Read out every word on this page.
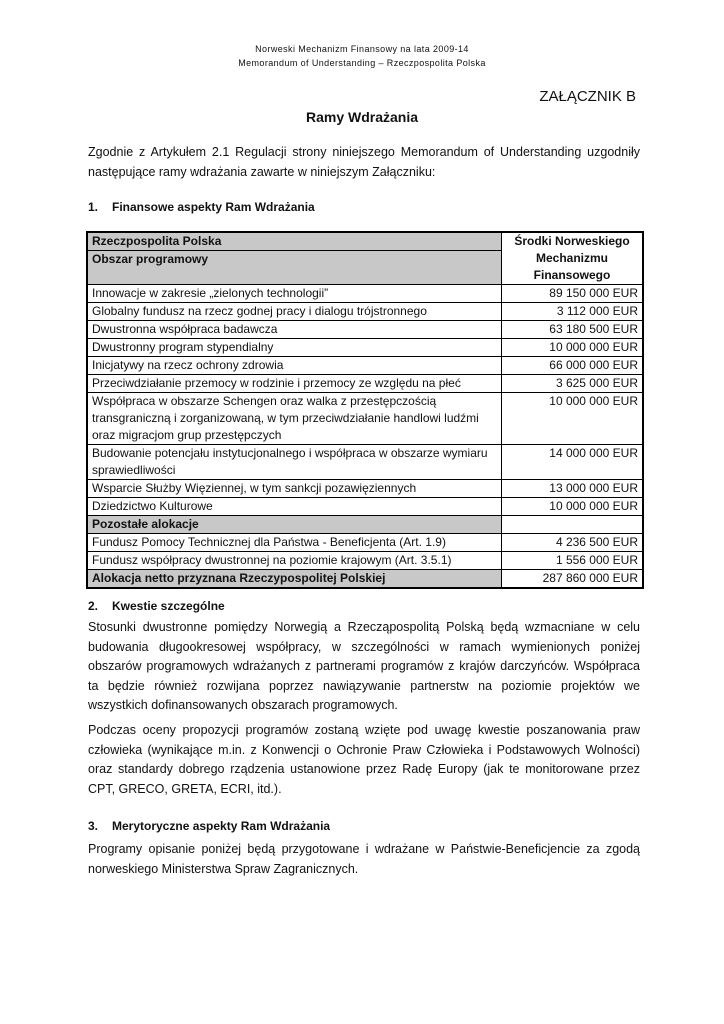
Norweski Mechanizm Finansowy na lata 2009-14
Memorandum of Understanding – Rzeczpospolita Polska
ZAŁĄCZNIK B
Ramy Wdrażania
Zgodnie z Artykułem 2.1 Regulacji strony niniejszego Memorandum of Understanding uzgodniły następujące ramy wdrażania zawarte w niniejszym Załączniku:
1. Finansowe aspekty Ram Wdrażania
Rzeczpospolita Polska	Środki Norweskiego Mechanizmu Finansowego
Obszar programowy	
Innowacje w zakresie „zielonych technologii”	89 150 000 EUR
Globalny fundusz na rzecz godnej pracy i dialogu trójstronnego	3 112 000 EUR
Dwustronna współpraca badawcza	63 180 500 EUR
Dwustronny program stypendialny	10 000 000 EUR
Inicjatywy na rzecz ochrony zdrowia	66 000 000 EUR
Przeciwdziałanie przemocy w rodzinie i przemocy ze względu na płeć	3 625 000 EUR
Współpraca w obszarze Schengen oraz walka z przestępczością transgraniczną i zorganizowaną, w tym przeciwdziałanie handlowi ludźmi oraz migracjom grup przestępczych	10 000 000 EUR
Budowanie potencjału instytucjonalnego i współpraca w obszarze wymiaru sprawiedliwości	14 000 000 EUR
Wsparcie Służby Więziennej, w tym sankcji pozawięziennych	13 000 000 EUR
Dziedzictwo Kulturowe	10 000 000 EUR
Pozostałe alokacje	
Fundusz Pomocy Technicznej dla Państwa - Beneficjenta (Art. 1.9)	4 236 500 EUR
Fundusz współpracy dwustronnej na poziomie krajowym (Art. 3.5.1)	1 556 000 EUR
Alokacja netto przyznana Rzeczypospolitej Polskiej	287 860 000 EUR
2. Kwestie szczególne
Stosunki dwustronne pomiędzy Norwegią a Rzecząpospolitą Polską będą wzmacniane w celu budowania długookresowej współpracy, w szczególności w ramach wymienionych poniżej obszarów programowych wdrażanych z partnerami programów z krajów darczyńców. Współpraca ta będzie również rozwijana poprzez nawiązywanie partnerstw na poziomie projektów we wszystkich dofinansowanych obszarach programowych.
Podczas oceny propozycji programów zostaną wzięte pod uwagę kwestie poszanowania praw człowieka (wynikające m.in. z Konwencji o Ochronie Praw Człowieka i Podstawowych Wolności) oraz standardy dobrego rządzenia ustanowione przez Radę Europy (jak te monitorowane przez CPT, GRECO, GRETA, ECRI, itd.).
3. Merytoryczne aspekty Ram Wdrażania
Programy opisanie poniżej będą przygotowane i wdrażane w Państwie-Beneficjencie za zgodą norweskiego Ministerstwa Spraw Zagranicznych.
